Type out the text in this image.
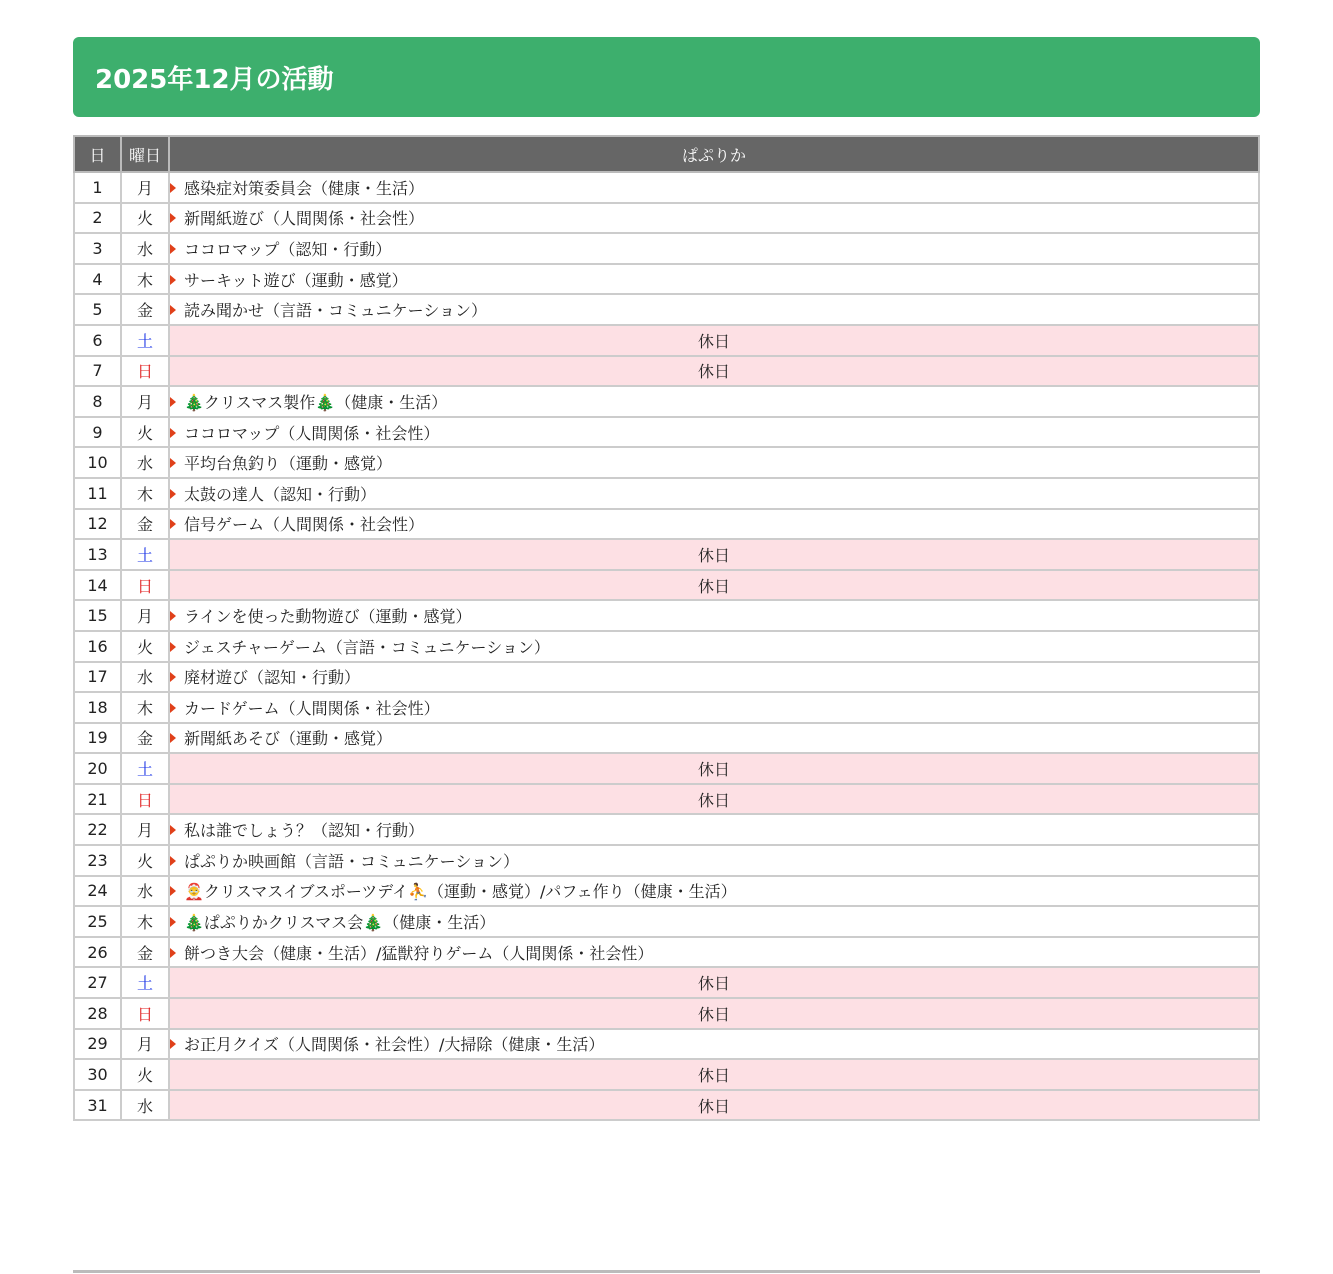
2025年12月の活動
日	曜日	ぱぷりか
1	月	感染症対策委員会（健康・生活）
2	火	新聞紙遊び（人間関係・社会性）
3	水	ココロマップ（認知・行動）
4	木	サーキット遊び（運動・感覚）
5	金	読み聞かせ（言語・コミュニケーション）
6	土	休日
7	日	休日
8	月	🎄クリスマス製作🎄（健康・生活）
9	火	ココロマップ（人間関係・社会性）
10	水	平均台魚釣り（運動・感覚）
11	木	太鼓の達人（認知・行動）
12	金	信号ゲーム（人間関係・社会性）
13	土	休日
14	日	休日
15	月	ラインを使った動物遊び（運動・感覚）
16	火	ジェスチャーゲーム（言語・コミュニケーション）
17	水	廃材遊び（認知・行動）
18	木	カードゲーム（人間関係・社会性）
19	金	新聞紙あそび（運動・感覚）
20	土	休日
21	日	休日
22	月	私は誰でしょう？（認知・行動）
23	火	ぱぷりか映画館（言語・コミュニケーション）
24	水	🤶クリスマスイブスポーツデイ⛹️（運動・感覚）/パフェ作り（健康・生活）
25	木	🎄ぱぷりかクリスマス会🎄（健康・生活）
26	金	餅つき大会（健康・生活）/猛獣狩りゲーム（人間関係・社会性）
27	土	休日
28	日	休日
29	月	お正月クイズ（人間関係・社会性）/大掃除（健康・生活）
30	火	休日
31	水	休日
